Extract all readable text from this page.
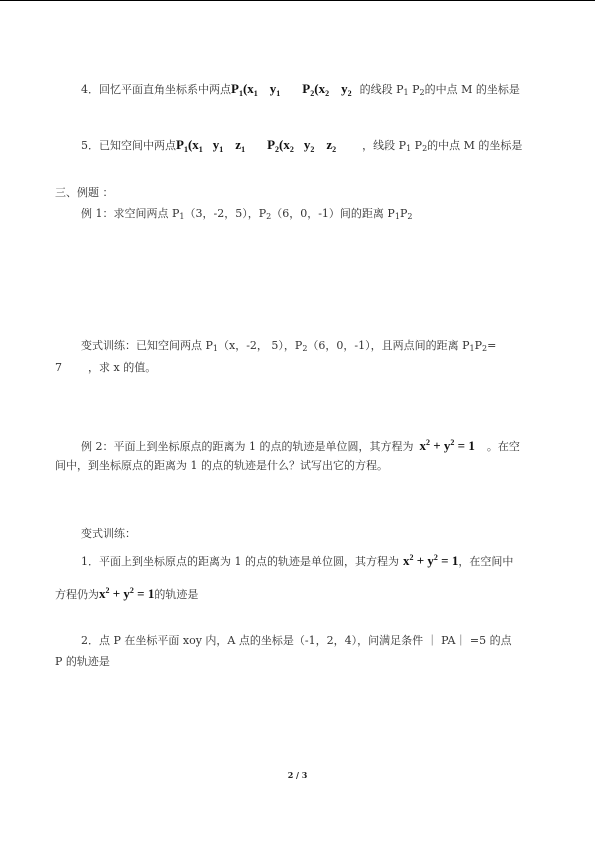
4．回忆平面直角坐标系中两点$P_1(x_1$ $y_1$ $P_2(x_2$ $y_2$ 的线段 $P_1$ $P_2$的中点 M 的坐标是
5．已知空间中两点$P_1(x_1$ $y_1$ $z_1$ $P_2(x_2$ $y_2$ $z_2$ ，线段 $P_1$ $P_2$的中点 M 的坐标是
三、例题 ：
例 1：求空间两点 $P_1(3$，-2，5），$P_2(6$，0，-1）间的距离 $P_1P_2$
变式训练：已知空间两点 $P_1(x$，-2， 5），$P_2(6$，0，-1），且两点间的距离 $P_1P_2=$
7 ，求 x 的值。
例 2：平面上到坐标原点的距离为 1 的点的轨迹是单位圆，其方程为 $x^2 + y^2 = 1$ 。在空
间中，到坐标原点的距离为 1 的点的轨迹是什么？试写出它的方程。
变式训练：
1．平面上到坐标原点的距离为 1 的点的轨迹是单位圆，其方程为 $x^2 + y^2 = 1$，在空间中
方程仍为$x^2 + y^2 = 1$的轨迹是
2．点 P 在坐标平面 xoy 内，A 点的坐标是（-1，2，4），问满足条件 ｜ PA｜ =5 的点
P 的轨迹是
2 / 3
